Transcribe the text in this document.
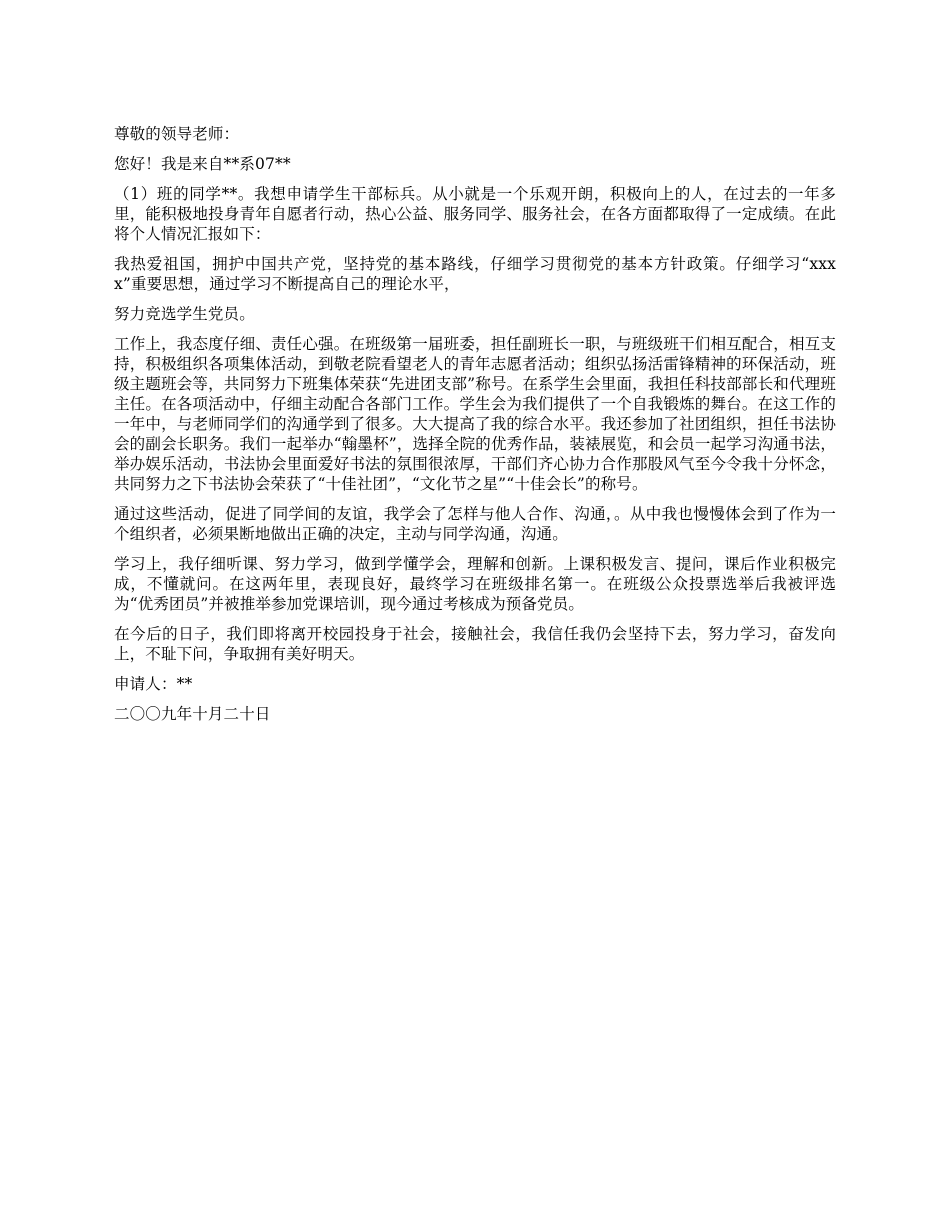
尊敬的领导老师：

您好！我是来自**系07**

（1）班的同学**。我想申请学生干部标兵。从小就是一个乐观开朗，积极向上的人，在过去的一年多里，能积极地投身青年自愿者行动，热心公益、服务同学、服务社会，在各方面都取得了一定成绩。在此将个人情况汇报如下：

我热爱祖国，拥护中国共产党，坚持党的基本路线，仔细学习贯彻党的基本方针政策。仔细学习“xxxx”重要思想，通过学习不断提高自己的理论水平，

努力竞选学生党员。

工作上，我态度仔细、责任心强。在班级第一届班委，担任副班长一职，与班级班干们相互配合，相互支持，积极组织各项集体活动，到敬老院看望老人的青年志愿者活动；组织弘扬活雷锋精神的环保活动，班级主题班会等，共同努力下班集体荣获“先进团支部”称号。在系学生会里面，我担任科技部部长和代理班主任。在各项活动中，仔细主动配合各部门工作。学生会为我们提供了一个自我锻炼的舞台。在这工作的一年中，与老师同学们的沟通学到了很多。大大提高了我的综合水平。我还参加了社团组织，担任书法协会的副会长职务。我们一起举办“翰墨杯”，选择全院的优秀作品，装裱展览，和会员一起学习沟通书法，举办娱乐活动，书法协会里面爱好书法的氛围很浓厚，干部们齐心协力合作那股风气至今令我十分怀念，共同努力之下书法协会荣获了“十佳社团”，“文化节之星”“十佳会长”的称号。

通过这些活动，促进了同学间的友谊，我学会了怎样与他人合作、沟通，。从中我也慢慢体会到了作为一个组织者，必须果断地做出正确的决定，主动与同学沟通，沟通。

学习上，我仔细听课、努力学习，做到学懂学会，理解和创新。上课积极发言、提问，课后作业积极完成，不懂就问。在这两年里，表现良好，最终学习在班级排名第一。在班级公众投票选举后我被评选为“优秀团员”并被推举参加党课培训，现今通过考核成为预备党员。

在今后的日子，我们即将离开校园投身于社会，接触社会，我信任我仍会坚持下去，努力学习，奋发向上，不耻下问，争取拥有美好明天。

申请人：**

二〇〇九年十月二十日
